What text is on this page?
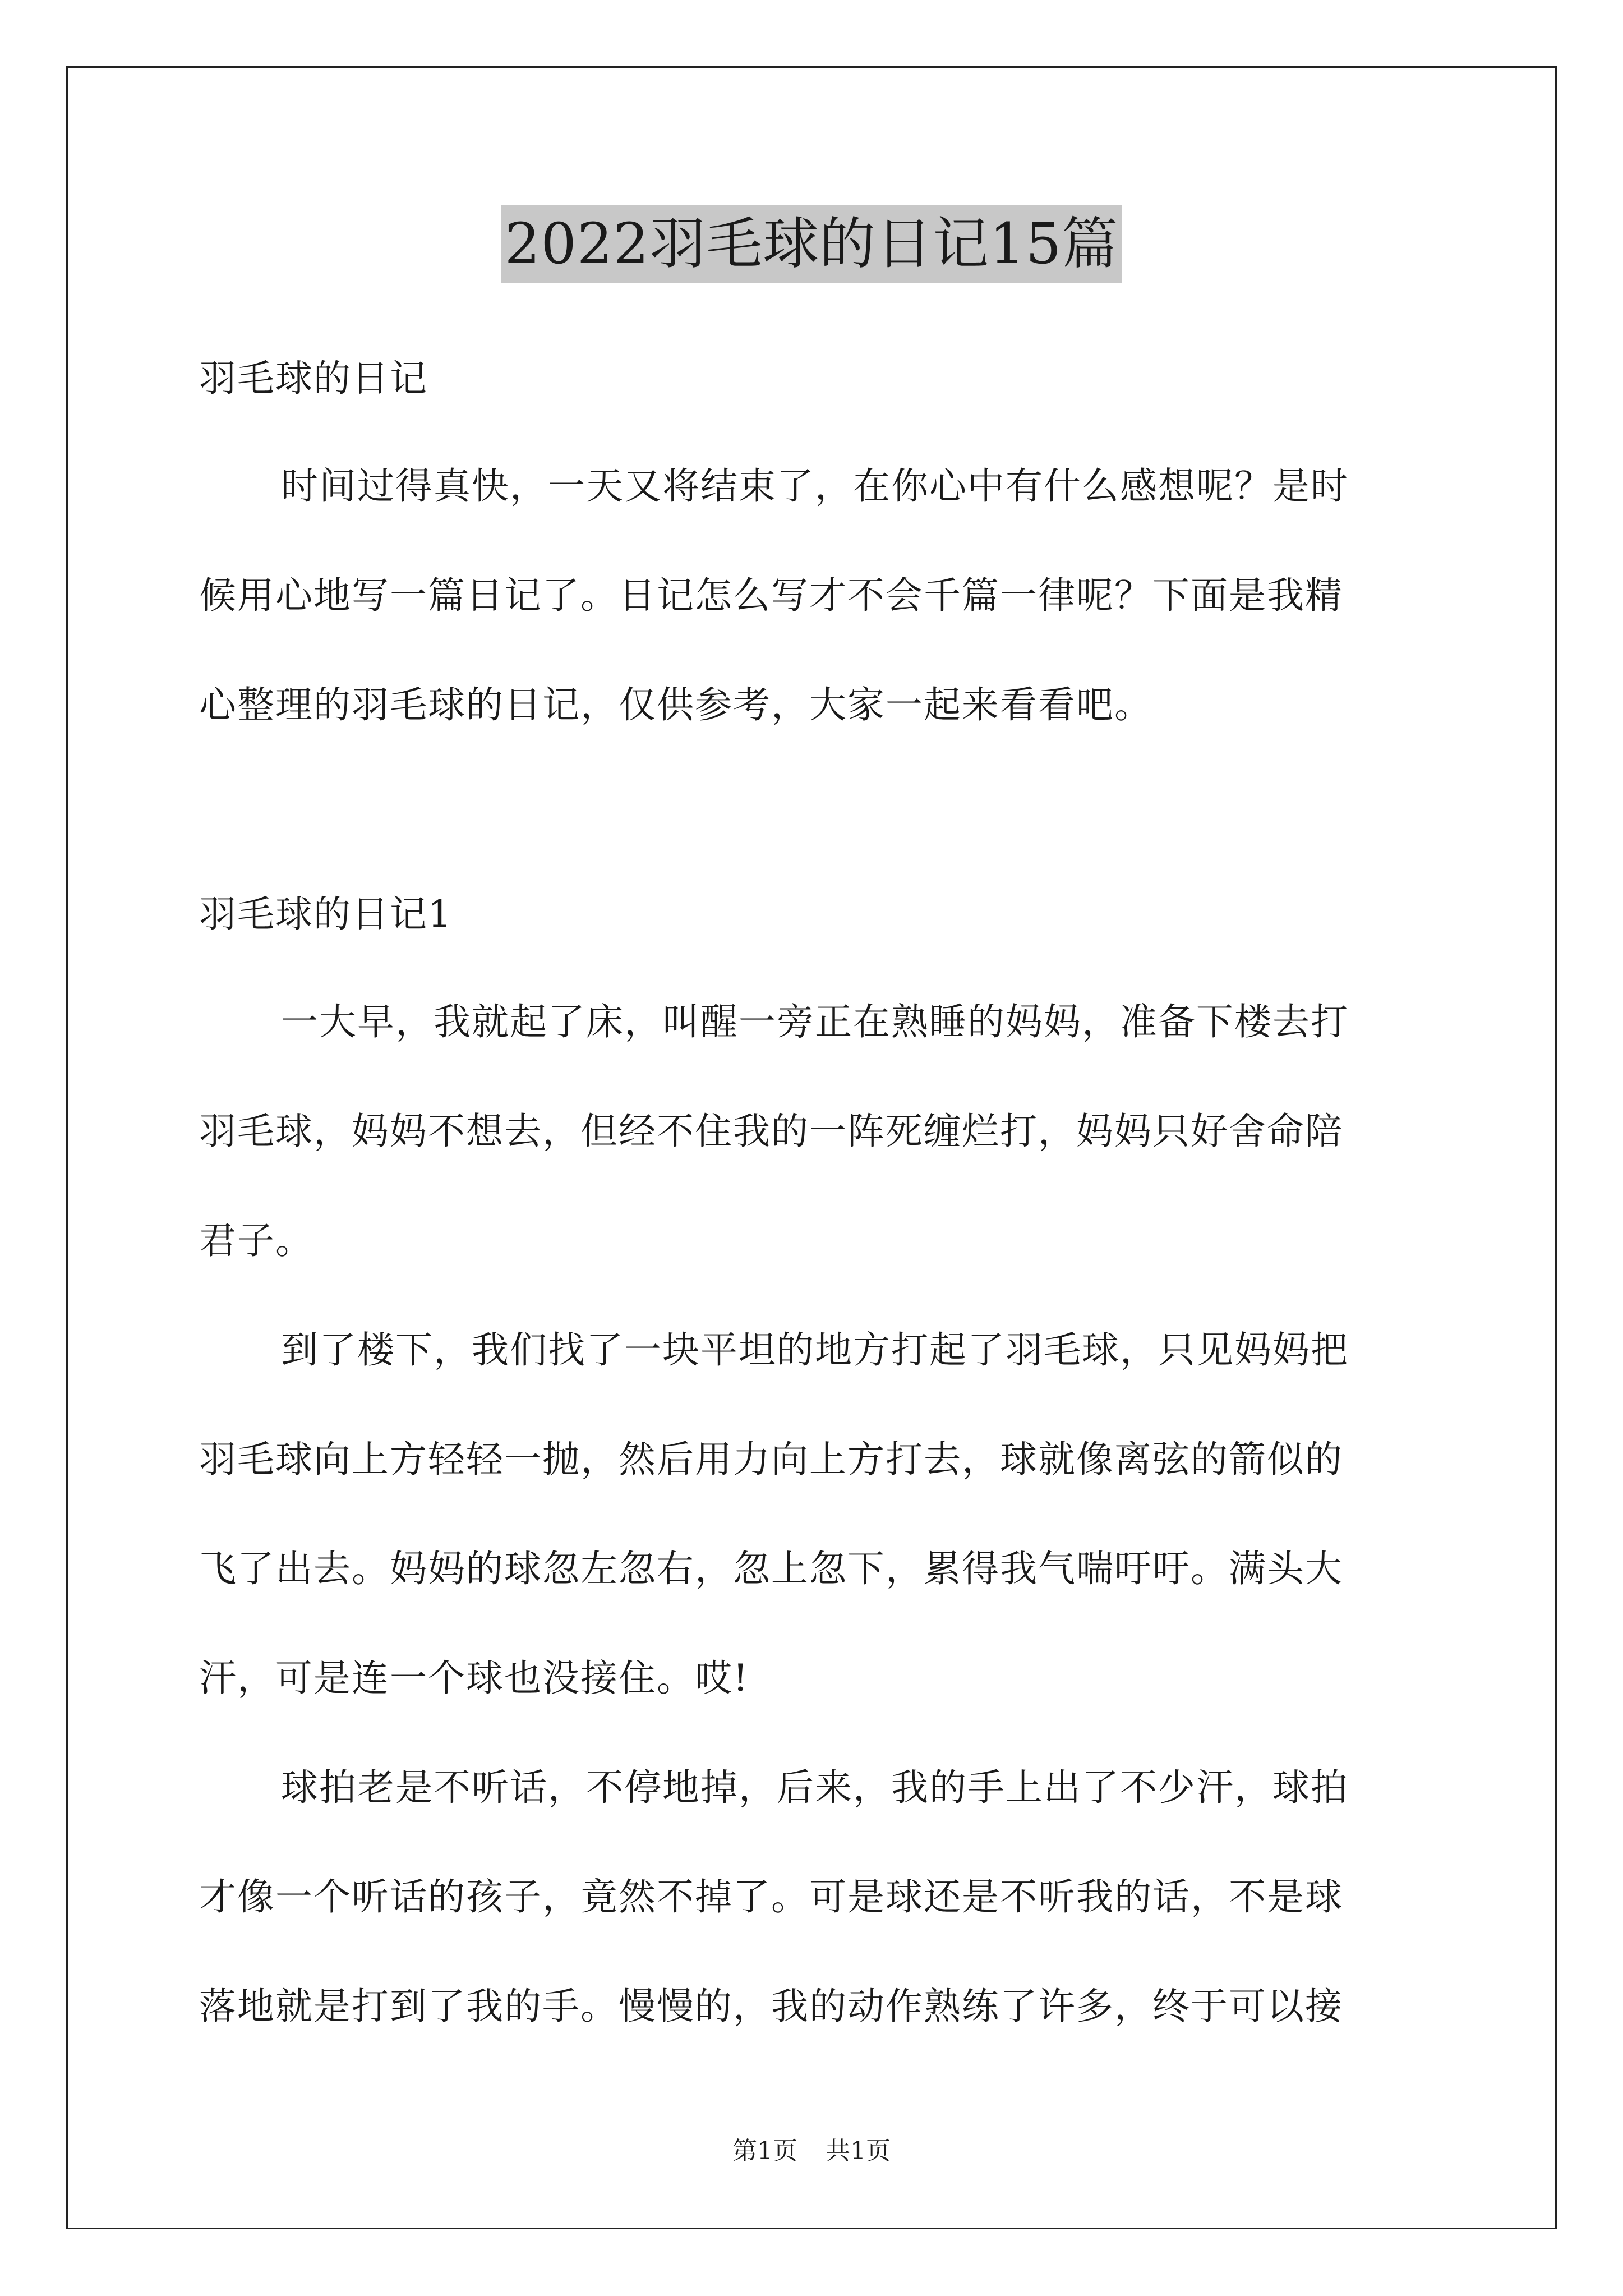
2022羽毛球的日记15篇
羽毛球的日记
时间过得真快，一天又将结束了，在你心中有什么感想呢？是时
候用心地写一篇日记了。日记怎么写才不会千篇一律呢？下面是我精
心整理的羽毛球的日记，仅供参考，大家一起来看看吧。
羽毛球的日记1
一大早，我就起了床，叫醒一旁正在熟睡的妈妈，准备下楼去打
羽毛球，妈妈不想去，但经不住我的一阵死缠烂打，妈妈只好舍命陪
君子。
到了楼下，我们找了一块平坦的地方打起了羽毛球，只见妈妈把
羽毛球向上方轻轻一抛，然后用力向上方打去，球就像离弦的箭似的
飞了出去。妈妈的球忽左忽右，忽上忽下，累得我气喘吁吁。满头大
汗，可是连一个球也没接住。哎!
球拍老是不听话，不停地掉，后来，我的手上出了不少汗，球拍
才像一个听话的孩子，竟然不掉了。可是球还是不听我的话，不是球
落地就是打到了我的手。慢慢的，我的动作熟练了许多，终于可以接
第1页 共1页
